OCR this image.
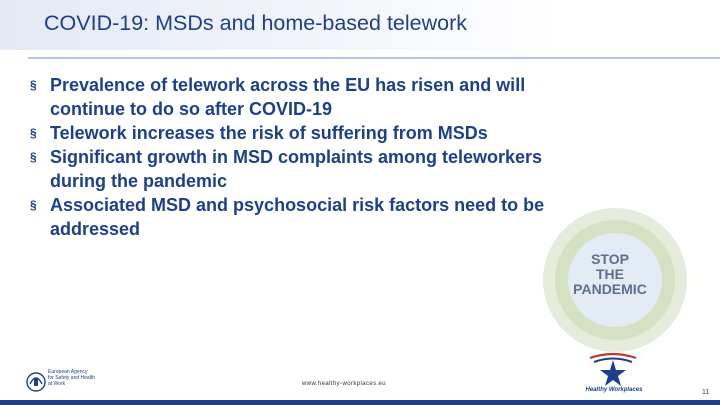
COVID-19: MSDs and home-based telework
§ Prevalence of telework across the EU has risen and will continue to do so after COVID-19
§ Telework increases the risk of suffering from MSDs
§ Significant growth in MSD complaints among teleworkers during the pandemic
§ Associated MSD and psychosocial risk factors need to be addressed
STOP
THE
PANDEMIC
European Agency
for Safety and Health
at Work	www.healthy-workplaces.eu
Healthy Workplaces	11
